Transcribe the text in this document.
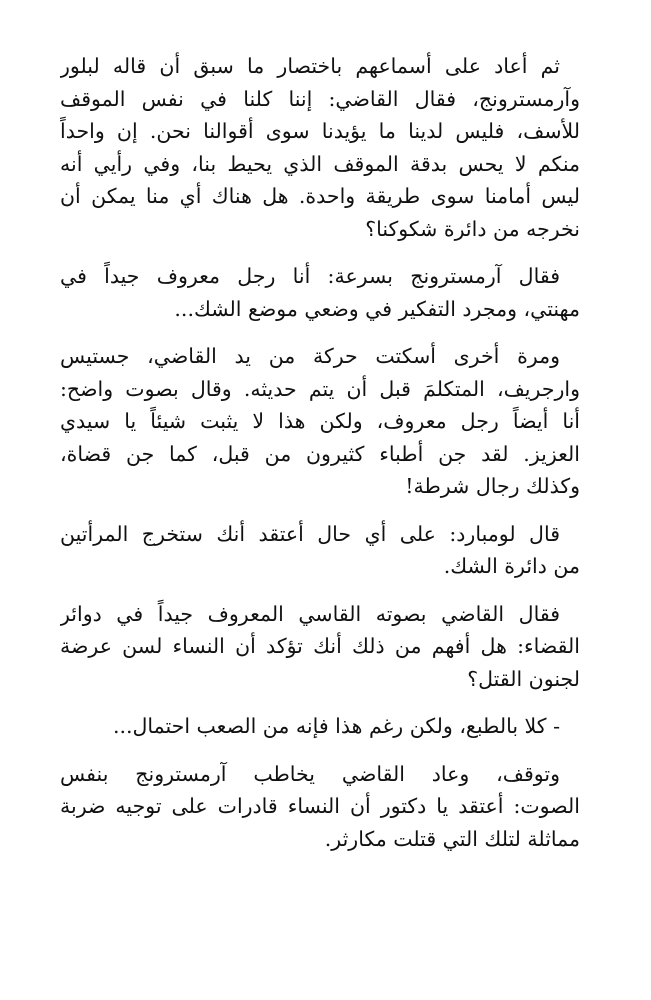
ثم أعاد على أسماعهم باختصار ما سبق أن قاله لبلور
وآرمسترونج، فقال القاضي: إننا كلنا في نفس الموقف
للأسف، فليس لدينا ما يؤيدنا سوى أقوالنا نحن. إن واحداً
منكم لا يحس بدقة الموقف الذي يحيط بنا، وفي رأيي أنه
ليس أمامنا سوى طريقة واحدة. هل هناك أي منا يمكن أن
نخرجه من دائرة شكوكنا؟

فقال آرمسترونج بسرعة: أنا رجل معروف جيداً في
مهنتي، ومجرد التفكير في وضعي موضع الشك...

ومرة أخرى أسكتت حركة من يد القاضي، جستيس
وارجريف، المتكلمَ قبل أن يتم حديثه. وقال بصوت واضح:
أنا أيضاً رجل معروف، ولكن هذا لا يثبت شيئاً يا سيدي
العزيز. لقد جن أطباء كثيرون من قبل، كما جن قضاة،
وكذلك رجال شرطة!

قال لومبارد: على أي حال أعتقد أنك ستخرج المرأتين
من دائرة الشك.

فقال القاضي بصوته القاسي المعروف جيداً في دوائر
القضاء: هل أفهم من ذلك أنك تؤكد أن النساء لسن عرضة
لجنون القتل؟

- كلا بالطبع، ولكن رغم هذا فإنه من الصعب احتمال...

وتوقف، وعاد القاضي يخاطب آرمسترونج بنفس
الصوت: أعتقد يا دكتور أن النساء قادرات على توجيه ضربة
مماثلة لتلك التي قتلت مكارثر.
